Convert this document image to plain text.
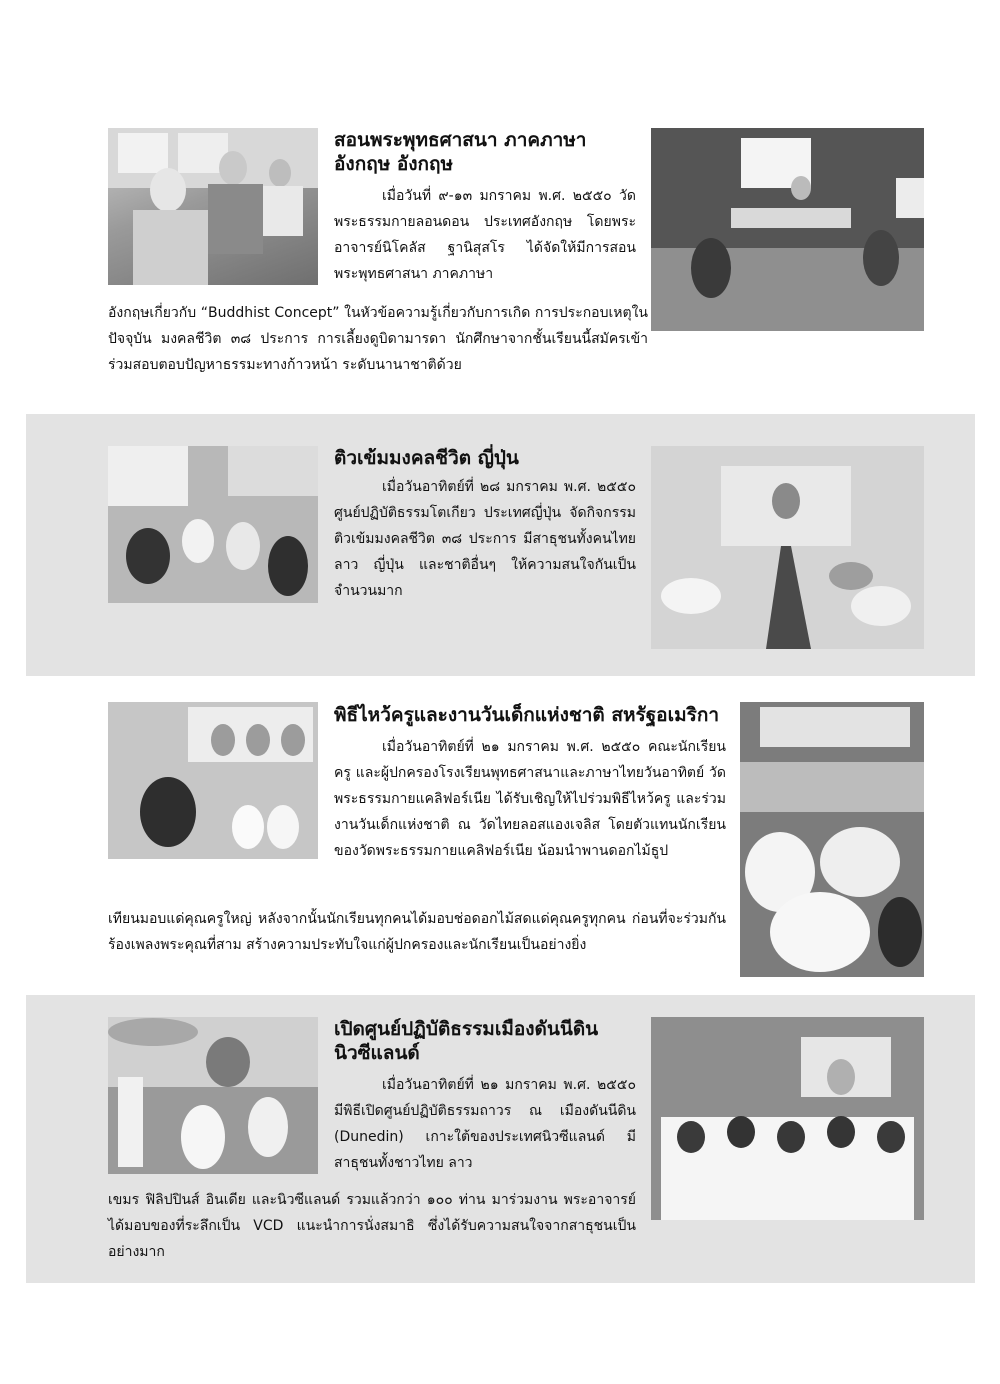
สอนพระพุทธศาสนา ภาคภาษาอังกฤษ อังกฤษ

เมื่อวันที่ ๙-๑๓ มกราคม พ.ศ. ๒๕๕๐ วัดพระธรรมกายลอนดอน ประเทศอังกฤษ โดยพระอาจารย์นิโคลัส ฐานิสุสโร ได้จัดให้มีการสอนพระพุทธศาสนา ภาคภาษา

อังกฤษเกี่ยวกับ “Buddhist Concept” ในหัวข้อความรู้เกี่ยวกับการเกิด การประกอบเหตุในปัจจุบัน มงคลชีวิต ๓๘ ประการ การเลี้ยงดูบิดามารดา นักศึกษาจากชั้นเรียนนี้สมัครเข้าร่วมสอบตอบปัญหาธรรมะทางก้าวหน้า ระดับนานาชาติด้วย

ติวเข้มมงคลชีวิต ญี่ปุ่น

เมื่อวันอาทิตย์ที่ ๒๘ มกราคม พ.ศ. ๒๕๕๐ ศูนย์ปฏิบัติธรรมโตเกียว ประเทศญี่ปุ่น จัดกิจกรรมติวเข้มมงคลชีวิต ๓๘ ประการ มีสาธุชนทั้งคนไทย ลาว ญี่ปุ่น และชาติอื่นๆ ให้ความสนใจกันเป็นจำนวนมาก

พิธีไหว้ครูและงานวันเด็กแห่งชาติ สหรัฐอเมริกา

เมื่อวันอาทิตย์ที่ ๒๑ มกราคม พ.ศ. ๒๕๕๐ คณะนักเรียน ครู และผู้ปกครองโรงเรียนพุทธศาสนาและภาษาไทยวันอาทิตย์ วัดพระธรรมกายแคลิฟอร์เนีย ได้รับเชิญให้ไปร่วมพิธีไหว้ครู และร่วมงานวันเด็กแห่งชาติ ณ วัดไทยลอสแองเจลิส โดยตัวแทนนักเรียนของวัดพระธรรมกายแคลิฟอร์เนีย น้อมนำพานดอกไม้ธูป

เทียนมอบแด่คุณครูใหญ่ หลังจากนั้นนักเรียนทุกคนได้มอบช่อดอกไม้สดแด่คุณครูทุกคน ก่อนที่จะร่วมกันร้องเพลงพระคุณที่สาม สร้างความประทับใจแก่ผู้ปกครองและนักเรียนเป็นอย่างยิ่ง

เปิดศูนย์ปฏิบัติธรรมเมืองดันนีดิน นิวซีแลนด์

เมื่อวันอาทิตย์ที่ ๒๑ มกราคม พ.ศ. ๒๕๕๐ มีพิธีเปิดศูนย์ปฏิบัติธรรมถาวร ณ เมืองดันนีดิน (Dunedin) เกาะใต้ของประเทศนิวซีแลนด์ มีสาธุชนทั้งชาวไทย ลาว

เขมร ฟิลิปปินส์ อินเดีย และนิวซีแลนด์ รวมแล้วกว่า ๑๐๐ ท่าน มาร่วมงาน พระอาจารย์ได้มอบของที่ระลึกเป็น VCD แนะนำการนั่งสมาธิ ซึ่งได้รับความสนใจจากสาธุชนเป็นอย่างมาก
